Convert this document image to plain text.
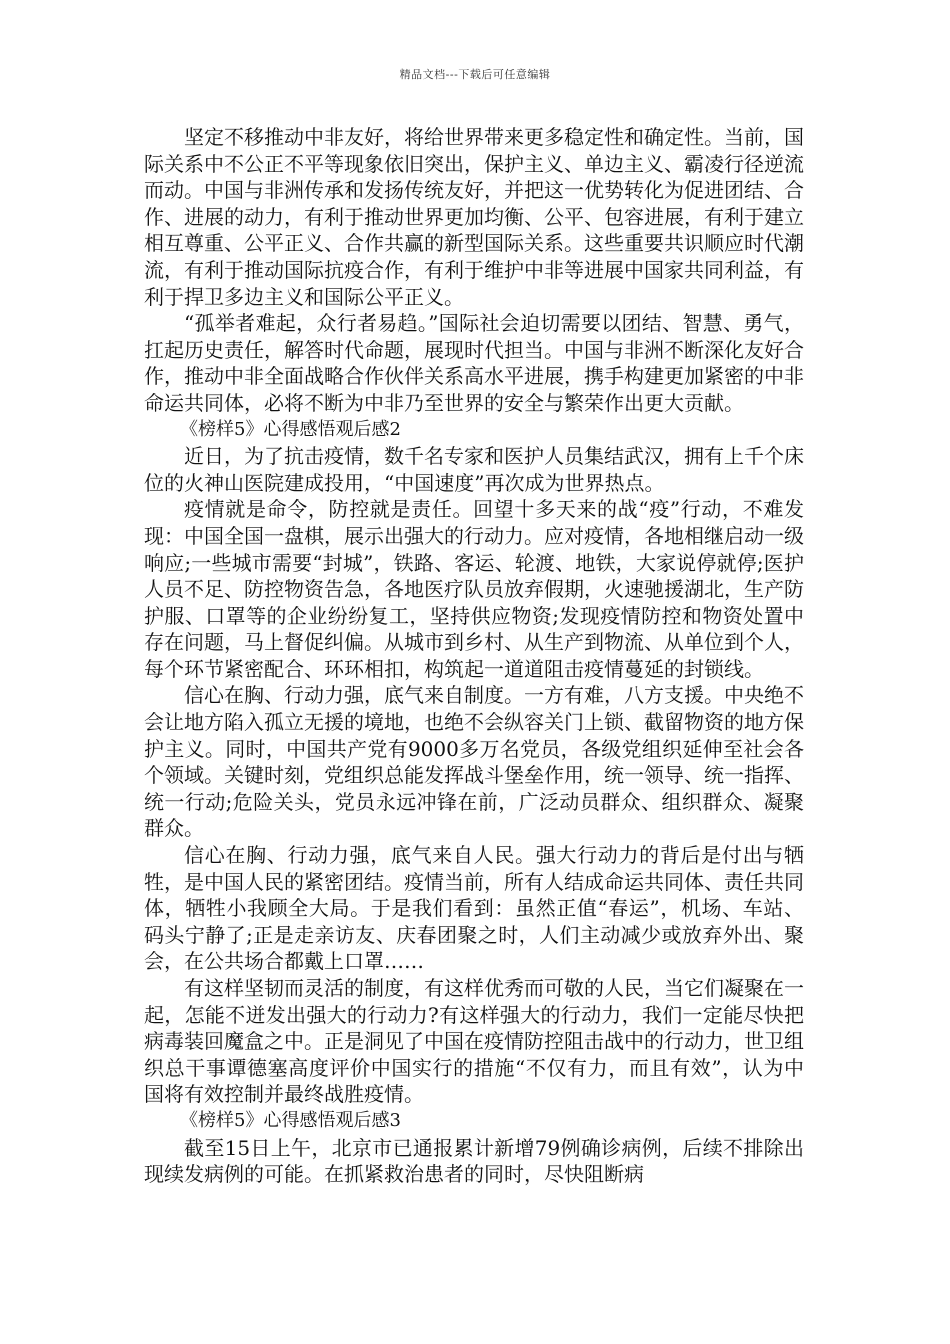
精品文档---下载后可任意编辑

坚定不移推动中非友好，将给世界带来更多稳定性和确定性。当前，国际关系中不公正不平等现象依旧突出，保护主义、单边主义、霸凌行径逆流而动。中国与非洲传承和发扬传统友好，并把这一优势转化为促进团结、合作、进展的动力，有利于推动世界更加均衡、公平、包容进展，有利于建立相互尊重、公平正义、合作共赢的新型国际关系。这些重要共识顺应时代潮流，有利于推动国际抗疫合作，有利于维护中非等进展中国家共同利益，有利于捍卫多边主义和国际公平正义。

“孤举者难起，众行者易趋。”国际社会迫切需要以团结、智慧、勇气，扛起历史责任，解答时代命题，展现时代担当。中国与非洲不断深化友好合作，推动中非全面战略合作伙伴关系高水平进展，携手构建更加紧密的中非命运共同体，必将不断为中非乃至世界的安全与繁荣作出更大贡献。

《榜样5》心得感悟观后感2

近日，为了抗击疫情，数千名专家和医护人员集结武汉，拥有上千个床位的火神山医院建成投用，“中国速度”再次成为世界热点。

疫情就是命令，防控就是责任。回望十多天来的战“疫”行动，不难发现：中国全国一盘棋，展示出强大的行动力。应对疫情，各地相继启动一级响应;一些城市需要“封城”，铁路、客运、轮渡、地铁，大家说停就停;医护人员不足、防控物资告急，各地医疗队员放弃假期，火速驰援湖北，生产防护服、口罩等的企业纷纷复工，坚持供应物资;发现疫情防控和物资处置中存在问题，马上督促纠偏。从城市到乡村、从生产到物流、从单位到个人，每个环节紧密配合、环环相扣，构筑起一道道阻击疫情蔓延的封锁线。

信心在胸、行动力强，底气来自制度。一方有难，八方支援。中央绝不会让地方陷入孤立无援的境地，也绝不会纵容关门上锁、截留物资的地方保护主义。同时，中国共产党有9000多万名党员，各级党组织延伸至社会各个领域。关键时刻，党组织总能发挥战斗堡垒作用，统一领导、统一指挥、统一行动;危险关头，党员永远冲锋在前，广泛动员群众、组织群众、凝聚群众。

信心在胸、行动力强，底气来自人民。强大行动力的背后是付出与牺牲，是中国人民的紧密团结。疫情当前，所有人结成命运共同体、责任共同体，牺牲小我顾全大局。于是我们看到：虽然正值“春运”，机场、车站、码头宁静了;正是走亲访友、庆春团聚之时，人们主动减少或放弃外出、聚会，在公共场合都戴上口罩……

有这样坚韧而灵活的制度，有这样优秀而可敬的人民，当它们凝聚在一起，怎能不迸发出强大的行动力?有这样强大的行动力，我们一定能尽快把病毒装回魔盒之中。正是洞见了中国在疫情防控阻击战中的行动力，世卫组织总干事谭德塞高度评价中国实行的措施“不仅有力，而且有效”，认为中国将有效控制并最终战胜疫情。

《榜样5》心得感悟观后感3

截至15日上午，北京市已通报累计新增79例确诊病例，后续不排除出现续发病例的可能。在抓紧救治患者的同时，尽快阻断病
